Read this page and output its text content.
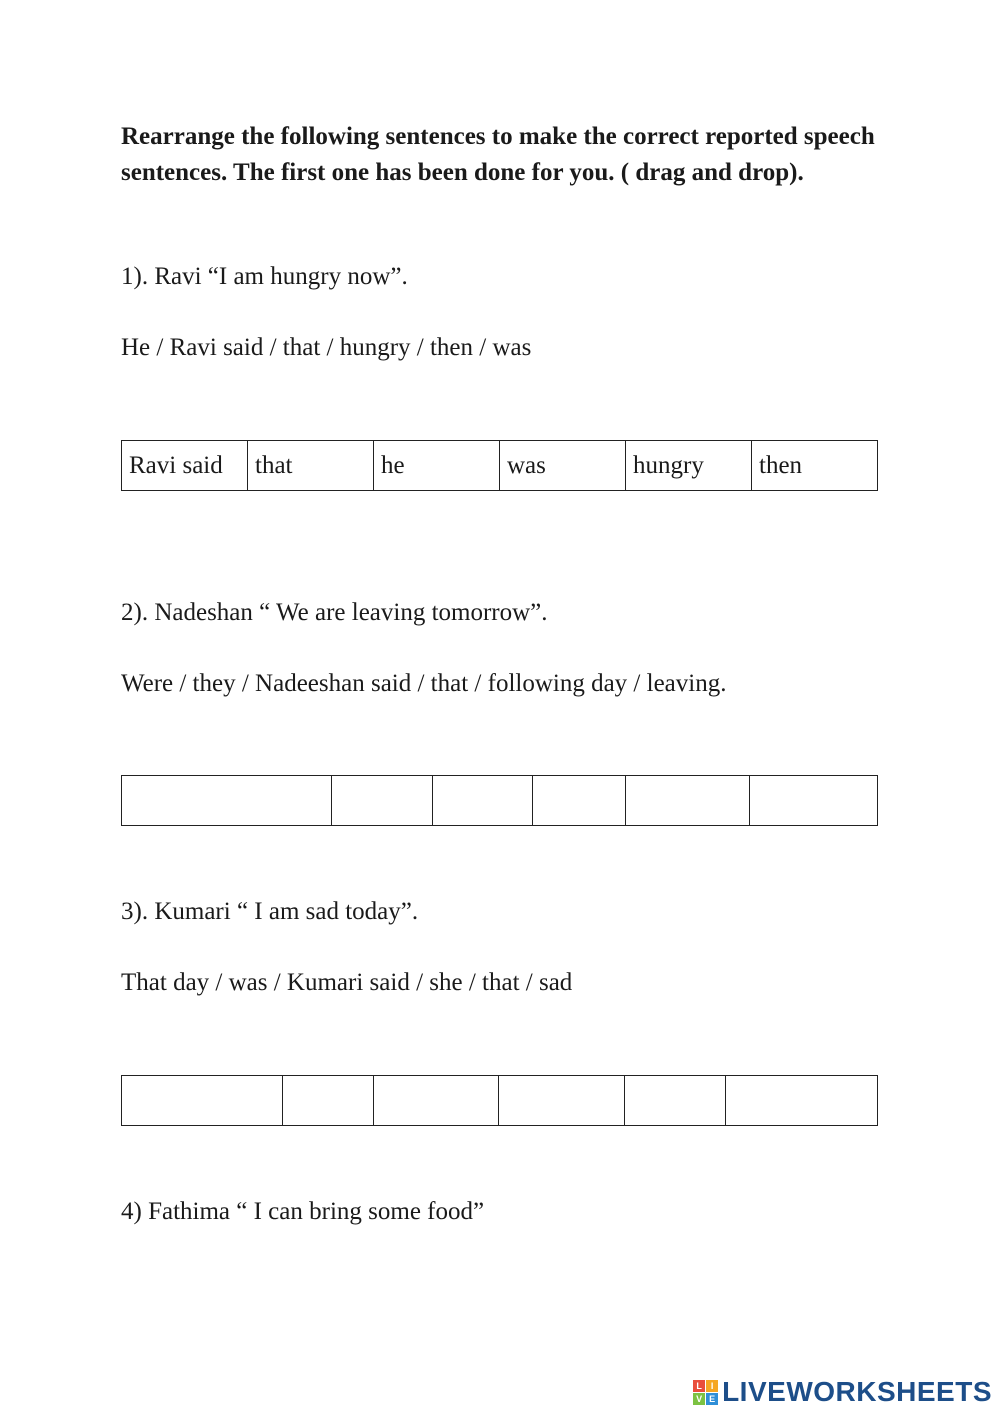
Rearrange the following sentences to make the correct reported speech sentences. The first one has been done for you. ( drag and drop).
1). Ravi “I am hungry now”.
He / Ravi said / that / hungry / then / was
Ravi said	that	he	was	hungry	then
2). Nadeshan “ We are leaving tomorrow”.
Were / they / Nadeeshan said / that / following day / leaving.

3). Kumari “ I am sad today”.
That day / was / Kumari said / she / that / sad

4) Fathima “ I can bring some food”
L I
V E LIVEWORKSHEETS
